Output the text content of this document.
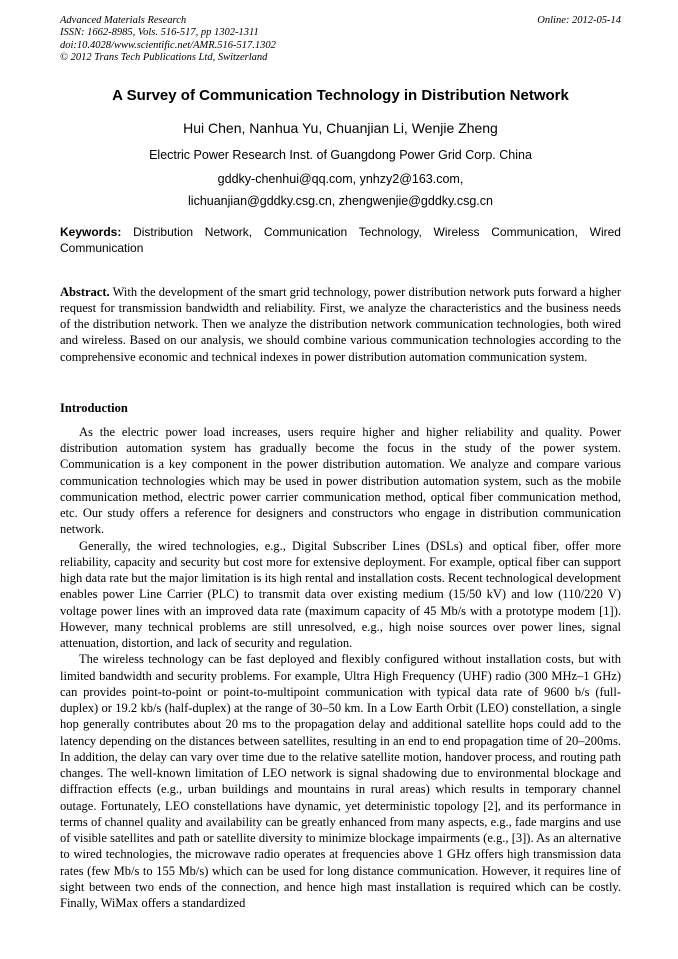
Advanced Materials Research
ISSN: 1662-8985, Vols. 516-517, pp 1302-1311
doi:10.4028/www.scientific.net/AMR.516-517.1302
© 2012 Trans Tech Publications Ltd, Switzerland
Online: 2012-05-14
A Survey of Communication Technology in Distribution Network
Hui Chen, Nanhua Yu, Chuanjian Li, Wenjie Zheng
Electric Power Research Inst. of Guangdong Power Grid Corp. China
gddky-chenhui@qq.com, ynhzy2@163.com,
lichuanjian@gddky.csg.cn, zhengwenjie@gddky.csg.cn

Keywords: Distribution Network, Communication Technology, Wireless Communication, Wired Communication

Abstract. With the development of the smart grid technology, power distribution network puts forward a higher request for transmission bandwidth and reliability. First, we analyze the characteristics and the business needs of the distribution network. Then we analyze the distribution network communication technologies, both wired and wireless. Based on our analysis, we should combine various communication technologies according to the comprehensive economic and technical indexes in power distribution automation communication system.

Introduction

As the electric power load increases, users require higher and higher reliability and quality. Power distribution automation system has gradually become the focus in the study of the power system. Communication is a key component in the power distribution automation. We analyze and compare various communication technologies which may be used in power distribution automation system, such as the mobile communication method, electric power carrier communication method, optical fiber communication method, etc. Our study offers a reference for designers and constructors who engage in distribution communication network.

Generally, the wired technologies, e.g., Digital Subscriber Lines (DSLs) and optical fiber, offer more reliability, capacity and security but cost more for extensive deployment. For example, optical fiber can support high data rate but the major limitation is its high rental and installation costs. Recent technological development enables power Line Carrier (PLC) to transmit data over existing medium (15/50 kV) and low (110/220 V) voltage power lines with an improved data rate (maximum capacity of 45 Mb/s with a prototype modem [1]). However, many technical problems are still unresolved, e.g., high noise sources over power lines, signal attenuation, distortion, and lack of security and regulation.

The wireless technology can be fast deployed and flexibly configured without installation costs, but with limited bandwidth and security problems. For example, Ultra High Frequency (UHF) radio (300 MHz–1 GHz) can provides point-to-point or point-to-multipoint communication with typical data rate of 9600 b/s (full-duplex) or 19.2 kb/s (half-duplex) at the range of 30–50 km. In a Low Earth Orbit (LEO) constellation, a single hop generally contributes about 20 ms to the propagation delay and additional satellite hops could add to the latency depending on the distances between satellites, resulting in an end to end propagation time of 20–200ms. In addition, the delay can vary over time due to the relative satellite motion, handover process, and routing path changes. The well-known limitation of LEO network is signal shadowing due to environmental blockage and diffraction effects (e.g., urban buildings and mountains in rural areas) which results in temporary channel outage. Fortunately, LEO constellations have dynamic, yet deterministic topology [2], and its performance in terms of channel quality and availability can be greatly enhanced from many aspects, e.g., fade margins and use of visible satellites and path or satellite diversity to minimize blockage impairments (e.g., [3]). As an alternative to wired technologies, the microwave radio operates at frequencies above 1 GHz offers high transmission data rates (few Mb/s to 155 Mb/s) which can be used for long distance communication. However, it requires line of sight between two ends of the connection, and hence high mast installation is required which can be costly. Finally, WiMax offers a standardized
